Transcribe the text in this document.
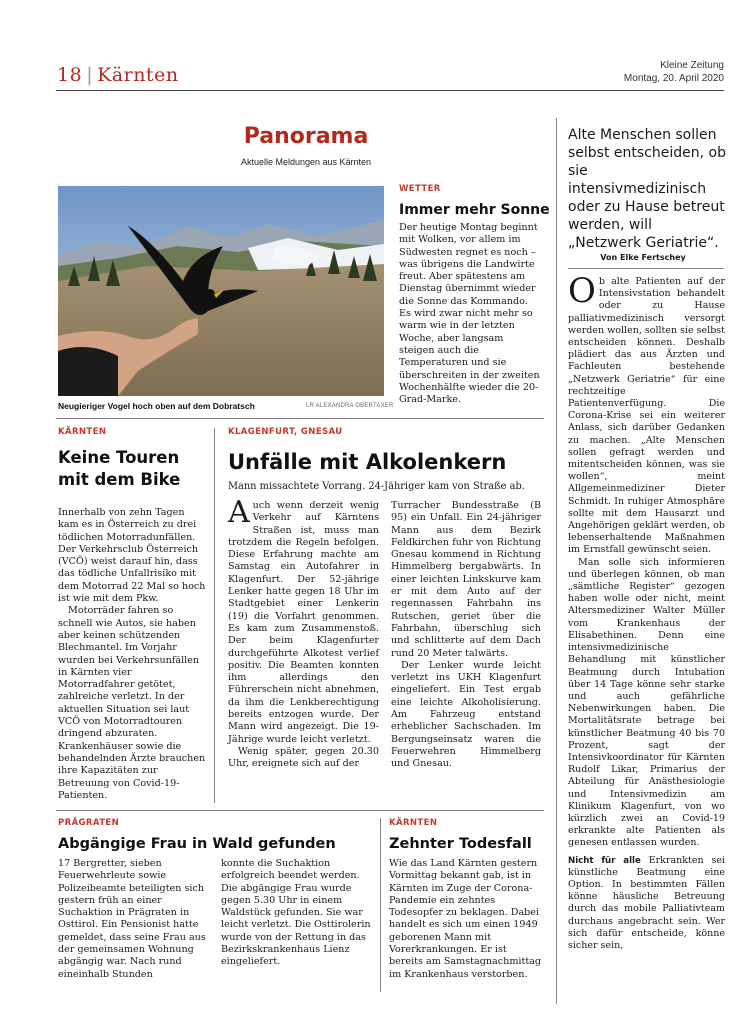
18 | Kärnten	Kleine Zeitung
Montag, 20. April 2020
Panorama
Aktuelle Meldungen aus Kärnten
Neugieriger Vogel hoch oben auf dem Dobratsch	LR ALEXANDRA OBERTAXER
WETTER
Immer mehr Sonne
Der heutige Montag beginnt mit Wolken, vor allem im Südwesten regnet es noch – was übrigens die Landwirte freut. Aber spätestens am Dienstag übernimmt wieder die Sonne das Kommando. Es wird zwar nicht mehr so warm wie in der letzten Woche, aber langsam steigen auch die Temperaturen und sie überschreiten in der zweiten Wochenhälfte wieder die 20-Grad-Marke.
KÄRNTEN
Keine Touren mit dem Bike

Innerhalb von zehn Tagen kam es in Österreich zu drei tödlichen Motorradunfällen. Der Verkehrsclub Österreich (VCÖ) weist darauf hin, dass das tödliche Unfallrisiko mit dem Motorrad 22 Mal so hoch ist wie mit dem Pkw.

Motorräder fahren so schnell wie Autos, sie haben aber keinen schützenden Blechmantel. Im Vorjahr wurden bei Verkehrsunfällen in Kärnten vier Motorradfahrer getötet, zahlreiche verletzt. In der aktuellen Situation sei laut VCÖ von Motorradtouren dringend abzuraten. Krankenhäuser sowie die behandelnden Ärzte brauchen ihre Kapazitäten zur Betreuung von Covid-19-Patienten.

KLAGENFURT, GNESAU
Unfälle mit Alkolenkern
Mann missachtete Vorrang. 24-Jähriger kam von Straße ab.
Auch wenn derzeit wenig Verkehr auf Kärntens Straßen ist, muss man trotzdem die Regeln befolgen. Diese Erfahrung machte am Samstag ein Autofahrer in Klagenfurt. Der 52-jährige Lenker hatte gegen 18 Uhr im Stadtgebiet einer Lenkerin (19) die Vorfahrt genommen. Es kam zum Zusammenstoß. Der beim Klagenfurter durchgeführte Alkotest verlief positiv. Die Beamten konnten ihm allerdings den Führerschein nicht abnehmen, da ihm die Lenkberechtigung bereits entzogen wurde. Der Mann wird angezeigt. Die 19-Jährige wurde leicht verletzt.

Wenig später, gegen 20.30 Uhr, ereignete sich auf der

Turracher Bundesstraße (B 95) ein Unfall. Ein 24-jähriger Mann aus dem Bezirk Feldkirchen fuhr von Richtung Gnesau kommend in Richtung Himmelberg bergabwärts. In einer leichten Linkskurve kam er mit dem Auto auf der regennassen Fahrbahn ins Rutschen, geriet über die Fahrbahn, überschlug sich und schlitterte auf dem Dach rund 20 Meter talwärts.

Der Lenker wurde leicht verletzt ins UKH Klagenfurt eingeliefert. Ein Test ergab eine leichte Alkoholisierung. Am Fahrzeug entstand erheblicher Sachschaden. Im Bergungseinsatz waren die Feuerwehren Himmelberg und Gnesau.

PRÄGRATEN
Abgängige Frau in Wald gefunden
17 Bergretter, sieben Feuerwehrleute sowie Polizeibeamte beteiligten sich gestern früh an einer Suchaktion in Prägraten in Osttirol. Ein Pensionist hatte gemeldet, dass seine Frau aus der gemeinsamen Wohnung abgängig war. Nach rund eineinhalb Stunden
konnte die Suchaktion erfolgreich beendet werden. Die abgängige Frau wurde gegen 5.30 Uhr in einem Waldstück gefunden. Sie war leicht verletzt. Die Osttirolerin wurde von der Rettung in das Bezirkskrankenhaus Lienz eingeliefert.
KÄRNTEN
Zehnter Todesfall
Wie das Land Kärnten gestern Vormittag bekannt gab, ist in Kärnten im Zuge der Corona-Pandemie ein zehntes Todesopfer zu beklagen. Dabei handelt es sich um einen 1949 geborenen Mann mit Vorerkrankungen. Er ist bereits am Samstagnachmittag im Krankenhaus verstorben.
Alte Menschen sollen selbst entscheiden, ob sie intensivmedizinisch oder zu Hause betreut werden, will „Netzwerk Geriatrie“.
Von Elke Fertschey
Ob alte Patienten auf der Intensivstation behandelt oder zu Hause palliativmedizinisch versorgt werden wollen, sollten sie selbst entscheiden können. Deshalb plädiert das aus Ärzten und Fachleuten bestehende „Netzwerk Geriatrie“ für eine rechtzeitige Patientenverfügung. Die Corona-Krise sei ein weiterer Anlass, sich darüber Gedanken zu machen. „Alte Menschen sollen gefragt werden und mitentscheiden können, was sie wollen“, meint Allgemeinmediziner Dieter Schmidt. In ruhiger Atmosphäre sollte mit dem Hausarzt und Angehörigen geklärt werden, ob lebenserhaltende Maßnahmen im Ernstfall gewünscht seien.

Man solle sich informieren und überlegen können, ob man „sämtliche Register“ gezogen haben wolle oder nicht, meint Altersmediziner Walter Müller vom Krankenhaus der Elisabethinen. Denn eine intensivmedizinische Behandlung mit künstlicher Beatmung durch Intubation über 14 Tage könne sehr starke und auch gefährliche Nebenwirkungen haben. Die Mortalitätsrate betrage bei künstlicher Beatmung 40 bis 70 Prozent, sagt der Intensivkoordinator für Kärnten Rudolf Likar, Primarius der Abteilung für Anästhesiologie und Intensivmedizin am Klinikum Klagenfurt, von wo kürzlich zwei an Covid-19 erkrankte alte Patienten als genesen entlassen wurden.

Nicht für alle Erkrankten sei künstliche Beatmung eine Option. In bestimmten Fällen könne häusliche Betreuung durch das mobile Palliativteam durchaus angebracht sein. Wer sich dafür entscheide, könne sicher sein,
